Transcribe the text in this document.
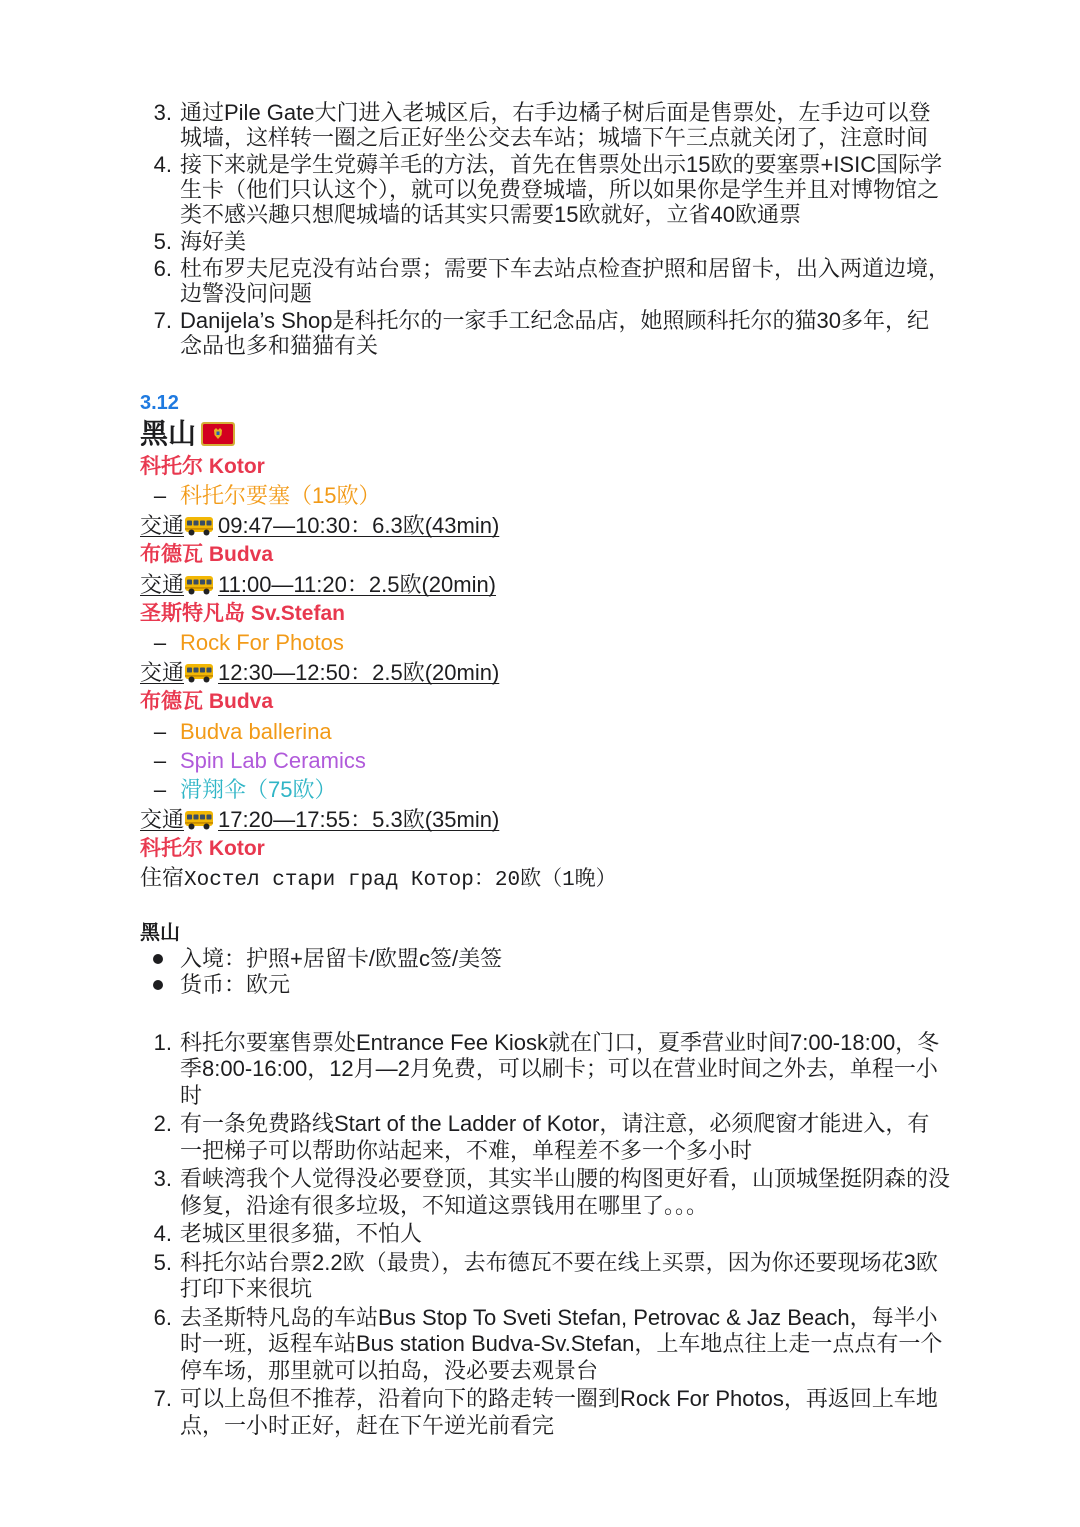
3. 通过Pile Gate大门进入老城区后，右手边橘子树后面是售票处，左手边可以登城墙，这样转一圈之后正好坐公交去车站；城墙下午三点就关闭了，注意时间
4. 接下来就是学生党薅羊毛的方法，首先在售票处出示15欧的要塞票+ISIC国际学生卡（他们只认这个），就可以免费登城墙，所以如果你是学生并且对博物馆之类不感兴趣只想爬城墙的话其实只需要15欧就好，立省40欧通票
5. 海好美
6. 杜布罗夫尼克没有站台票；需要下车去站点检查护照和居留卡，出入两道边境，边警没问问题
7. Danijela’s Shop是科托尔的一家手工纪念品店，她照顾科托尔的猫30多年，纪念品也多和猫猫有关
3.12
黑山
科托尔 Kotor
– 科托尔要塞（15欧）
交通 09:47—10:30：6.3欧(43min)
布德瓦 Budva
交通 11:00—11:20：2.5欧(20min)
圣斯特凡岛 Sv.Stefan
– Rock For Photos
交通 12:30—12:50：2.5欧(20min)
布德瓦 Budva
– Budva ballerina
– Spin Lab Ceramics
– 滑翔伞（75欧）
交通 17:20—17:55：5.3欧(35min)
科托尔 Kotor
住宿Хостел стари град Котор：20欧（1晚）
黑山
入境：护照+居留卡/欧盟c签/美签
货币：欧元
1. 科托尔要塞售票处Entrance Fee Kiosk就在门口，夏季营业时间7:00-18:00，冬季8:00-16:00，12月—2月免费，可以刷卡；可以在营业时间之外去，单程一小时
2. 有一条免费路线Start of the Ladder of Kotor，请注意，必须爬窗才能进入，有一把梯子可以帮助你站起来，不难，单程差不多一个多小时
3. 看峡湾我个人觉得没必要登顶，其实半山腰的构图更好看，山顶城堡挺阴森的没修复，沿途有很多垃圾，不知道这票钱用在哪里了。。。
4. 老城区里很多猫，不怕人
5. 科托尔站台票2.2欧（最贵），去布德瓦不要在线上买票，因为你还要现场花3欧打印下来很坑
6. 去圣斯特凡岛的车站Bus Stop To Sveti Stefan, Petrovac & Jaz Beach，每半小时一班，返程车站Bus station Budva-Sv.Stefan，上车地点往上走一点点有一个停车场，那里就可以拍岛，没必要去观景台
7. 可以上岛但不推荐，沿着向下的路走转一圈到Rock For Photos，再返回上车地点，一小时正好，赶在下午逆光前看完
